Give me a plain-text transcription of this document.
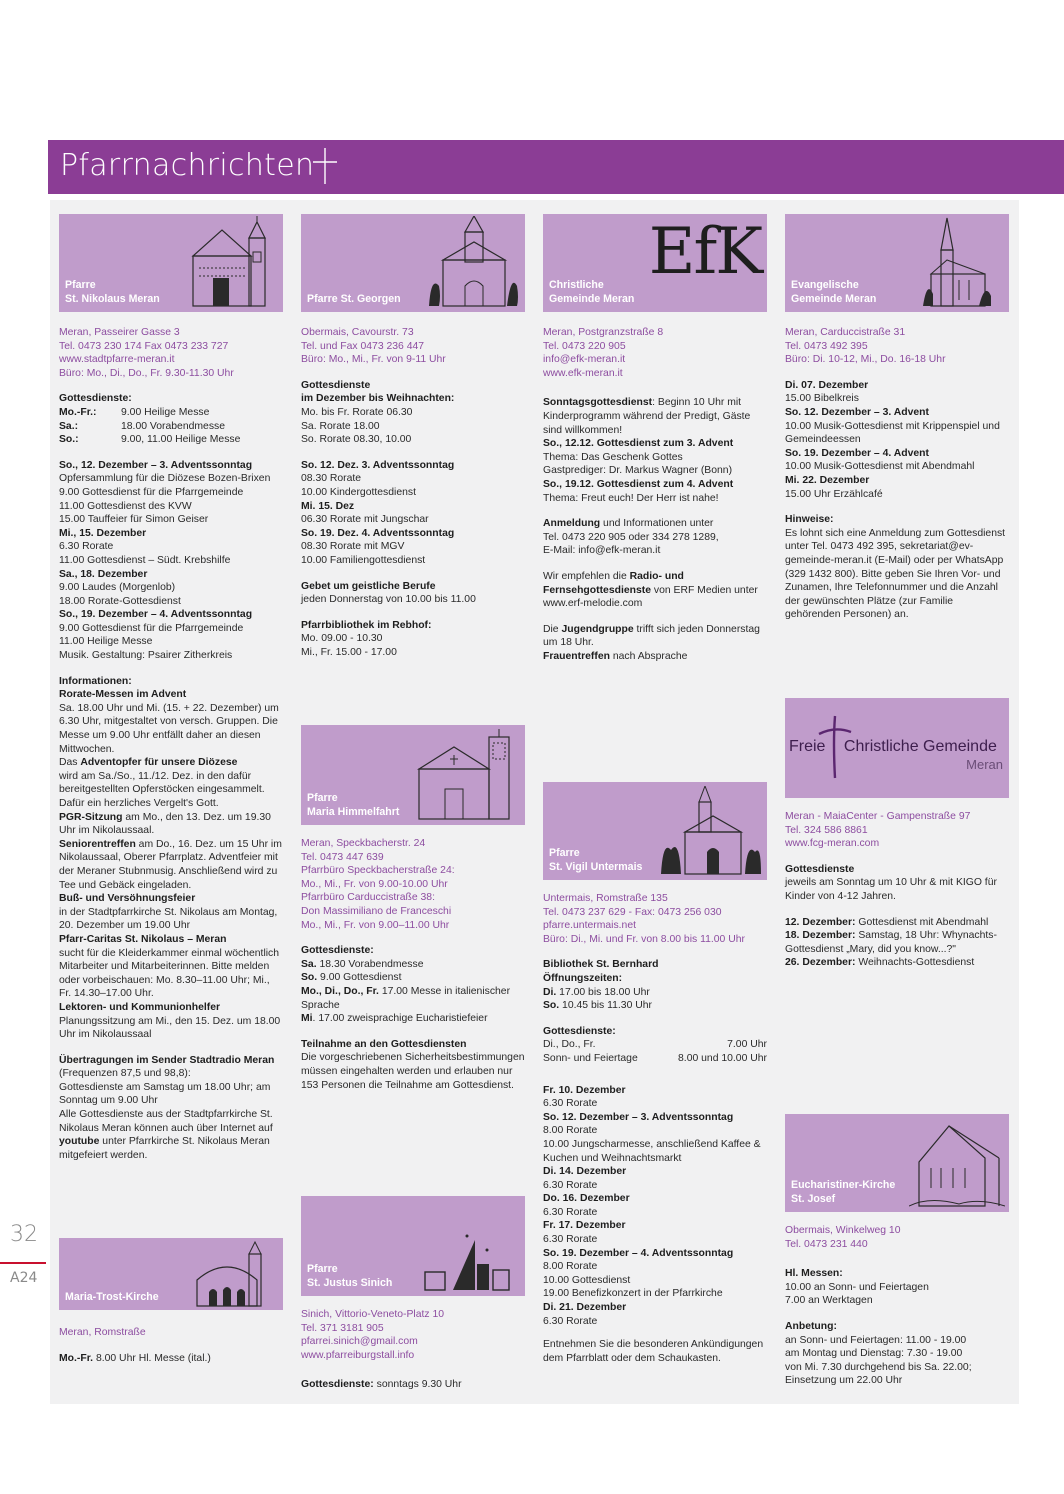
Pfarrnachrichten
32
A24
Pfarre
St. Nikolaus Meran
Meran, Passeirer Gasse 3
Tel. 0473 230 174 Fax 0473 233 727
www.stadtpfarre-meran.it
Büro: Mo., Di., Do., Fr. 9.30-11.30 Uhr

Gottesdienste:

Mo.-Fr.:	9.00 Heilige Messe
Sa.:	18.00 Vorabendmesse
So.:	9.00, 11.00 Heilige Messe

So., 12. Dezember – 3. Adventssonntag
Opfersammlung für die Diözese Bozen-Brixen
9.00 Gottesdienst für die Pfarrgemeinde
11.00 Gottesdienst des KVW
15.00 Tauffeier für Simon Geiser

Mi., 15. Dezember
6.30 Rorate
11.00 Gottesdienst – Südt. Krebshilfe

Sa., 18. Dezember
9.00 Laudes (Morgenlob)
18.00 Rorate-Gottesdienst

So., 19. Dezember – 4. Adventssonntag
9.00 Gottesdienst für die Pfarrgemeinde
11.00 Heilige Messe
Musik. Gestaltung: Psairer Zitherkreis

Informationen:

Rorate-Messen im Advent
Sa. 18.00 Uhr und Mi. (15. + 22. Dezember) um 6.30 Uhr, mitgestaltet von versch. Gruppen. Die Messe um 9.00 Uhr entfällt daher an diesen Mittwochen.

Das Adventopfer für unsere Diözese
wird am Sa./So., 11./12. Dez. in den dafür bereitgestellten Opferstöcken eingesammelt. Dafür ein herzliches Vergelt's Gott.

PGR-Sitzung am Mo., den 13. Dez. um 19.30 Uhr im Nikolaussaal.

Seniorentreffen am Do., 16. Dez. um 15 Uhr im Nikolaussaal, Oberer Pfarrplatz. Adventfeier mit der Meraner Stubnmusig. Anschließend wird zu Tee und Gebäck eingeladen.

Buß- und Versöhnungsfeier
in der Stadtpfarrkirche St. Nikolaus am Montag, 20. Dezember um 19.00 Uhr

Pfarr-Caritas St. Nikolaus – Meran
sucht für die Kleiderkammer einmal wöchentlich Mitarbeiter und Mitarbeiterinnen. Bitte melden oder vorbeischauen: Mo. 8.30–11.00 Uhr; Mi., Fr. 14.30–17.00 Uhr.

Lektoren- und Kommunionhelfer
Planungssitzung am Mi., den 15. Dez. um 18.00 Uhr im Nikolaussaal

Übertragungen im Sender Stadtradio Meran (Frequenzen 87,5 und 98,8):
Gottesdienste am Samstag um 18.00 Uhr; am Sonntag um 9.00 Uhr
Alle Gottesdienste aus der Stadtpfarrkirche St. Nikolaus Meran können auch über Internet auf youtube unter Pfarrkirche St. Nikolaus Meran mitgefeiert werden.

Maria-Trost-Kirche
Meran, Romstraße

Mo.-Fr. 8.00 Uhr Hl. Messe (ital.)

Pfarre St. Georgen
Obermais, Cavourstr. 73
Tel. und Fax 0473 236 447
Büro: Mo., Mi., Fr. von 9-11 Uhr

Gottesdienste
im Dezember bis Weihnachten:

Mo. bis Fr. Rorate 06.30
Sa. Rorate 18.00
So. Rorate 08.30, 10.00

So. 12. Dez. 3. Adventssonntag
08.30 Rorate
10.00 Kindergottesdienst

Mi. 15. Dez
06.30 Rorate mit Jungschar

So. 19. Dez. 4. Adventssonntag
08.30 Rorate mit MGV
10.00 Familiengottesdienst

Gebet um geistliche Berufe

jeden Donnerstag von 10.00 bis 11.00

Pfarrbibliothek im Rebhof:

Mo. 09.00 - 10.30
Mi., Fr. 15.00 - 17.00

Pfarre
Maria Himmelfahrt
Meran, Speckbacherstr. 24
Tel. 0473 447 639
Pfarrbüro Speckbacherstraße 24:
Mo., Mi., Fr. von 9.00-10.00 Uhr
Pfarrbüro Carduccistraße 38:
Don Massimiliano de Franceschi
Mo., Mi., Fr. von 9.00–11.00 Uhr

Gottesdienste:

Sa. 18.30 Vorabendmesse

So. 9.00 Gottesdienst

Mo., Di., Do., Fr. 17.00 Messe in italienischer Sprache

Mi. 17.00 zweisprachige Eucharistiefeier

Teilnahme an den Gottesdiensten

Die vorgeschriebenen Sicherheitsbestimmungen müssen eingehalten werden und erlauben nur 153 Personen die Teilnahme am Gottesdienst.

Pfarre
St. Justus Sinich
Sinich, Vittorio-Veneto-Platz 10
Tel. 371 3181 905
pfarrei.sinich@gmail.com
www.pfarreiburgstall.info

Gottesdienste: sonntags 9.30 Uhr

EfK
Christliche
Gemeinde Meran
Meran, Postgranzstraße 8
Tel. 0473 220 905
info@efk-meran.it
www.efk-meran.it

Sonntagsgottesdienst: Beginn 10 Uhr mit Kinderprogramm während der Predigt, Gäste sind willkommen!

So., 12.12. Gottesdienst zum 3. Advent
Thema: Das Geschenk Gottes
Gastprediger: Dr. Markus Wagner (Bonn)

So., 19.12. Gottesdienst zum 4. Advent
Thema: Freut euch! Der Herr ist nahe!

Anmeldung und Informationen unter
Tel. 0473 220 905 oder 334 278 1289,
E-Mail: info@efk-meran.it

Wir empfehlen die Radio- und Fernsehgottesdienste von ERF Medien unter www.erf-melodie.com

Die Jugendgruppe trifft sich jeden Donnerstag um 18 Uhr.

Frauentreffen nach Absprache

Pfarre
St. Vigil Untermais
Untermais, Romstraße 135
Tel. 0473 237 629 - Fax: 0473 256 030
pfarre.untermais.net
Büro: Di., Mi. und Fr. von 8.00 bis 11.00 Uhr

Bibliothek St. Bernhard
Öffnungszeiten:

Di. 17.00 bis 18.00 Uhr

So. 10.45 bis 11.30 Uhr

Gottesdienste:

Di., Do., Fr.	7.00 Uhr
Sonn- und Feiertage	8.00 und 10.00 Uhr

Fr. 10. Dezember
6.30 Rorate

So. 12. Dezember – 3. Adventssonntag
8.00 Rorate
10.00 Jungscharmesse, anschließend Kaffee & Kuchen und Weihnachtsmarkt

Di. 14. Dezember
6.30 Rorate

Do. 16. Dezember
6.30 Rorate

Fr. 17. Dezember
6.30 Rorate

So. 19. Dezember – 4. Adventssonntag
8.00 Rorate
10.00 Gottesdienst
19.00 Benefizkonzert in der Pfarrkirche

Di. 21. Dezember
6.30 Rorate

Entnehmen Sie die besonderen Ankündigungen dem Pfarrblatt oder dem Schaukasten.
Evangelische
Gemeinde Meran
Meran, Carduccistraße 31
Tel. 0473 492 395
Büro: Di. 10-12, Mi., Do. 16-18 Uhr

Di. 07. Dezember
15.00 Bibelkreis

So. 12. Dezember – 3. Advent
10.00 Musik-Gottesdienst mit Krippenspiel und Gemeindeessen

So. 19. Dezember – 4. Advent
10.00 Musik-Gottesdienst mit Abendmahl

Mi. 22. Dezember
15.00 Uhr Erzählcafé

Hinweise:

Es lohnt sich eine Anmeldung zum Gottesdienst unter Tel. 0473 492 395, sekretariat@ev-gemeinde-meran.it (E-Mail) oder per WhatsApp (329 1432 800). Bitte geben Sie Ihren Vor- und Zunamen, Ihre Telefonnummer und die Anzahl der gewünschten Plätze (zur Familie gehörenden Personen) an.

Freie Christliche Gemeinde
Meran
Meran - MaiaCenter - Gampenstraße 97
Tel. 324 586 8861
www.fcg-meran.com

Gottesdienste

jeweils am Sonntag um 10 Uhr & mit KIGO für Kinder von 4-12 Jahren.

12. Dezember: Gottesdienst mit Abendmahl

18. Dezember: Samstag, 18 Uhr: Whynachts-Gottesdienst „Mary, did you know...?"

26. Dezember: Weihnachts-Gottesdienst

Eucharistiner-Kirche
St. Josef
Obermais, Winkelweg 10
Tel. 0473 231 440

Hl. Messen:

10.00 an Sonn- und Feiertagen
7.00 an Werktagen

Anbetung:

an Sonn- und Feiertagen: 11.00 - 19.00
am Montag und Dienstag: 7.30 - 19.00
von Mi. 7.30 durchgehend bis Sa. 22.00;
Einsetzung um 22.00 Uhr
